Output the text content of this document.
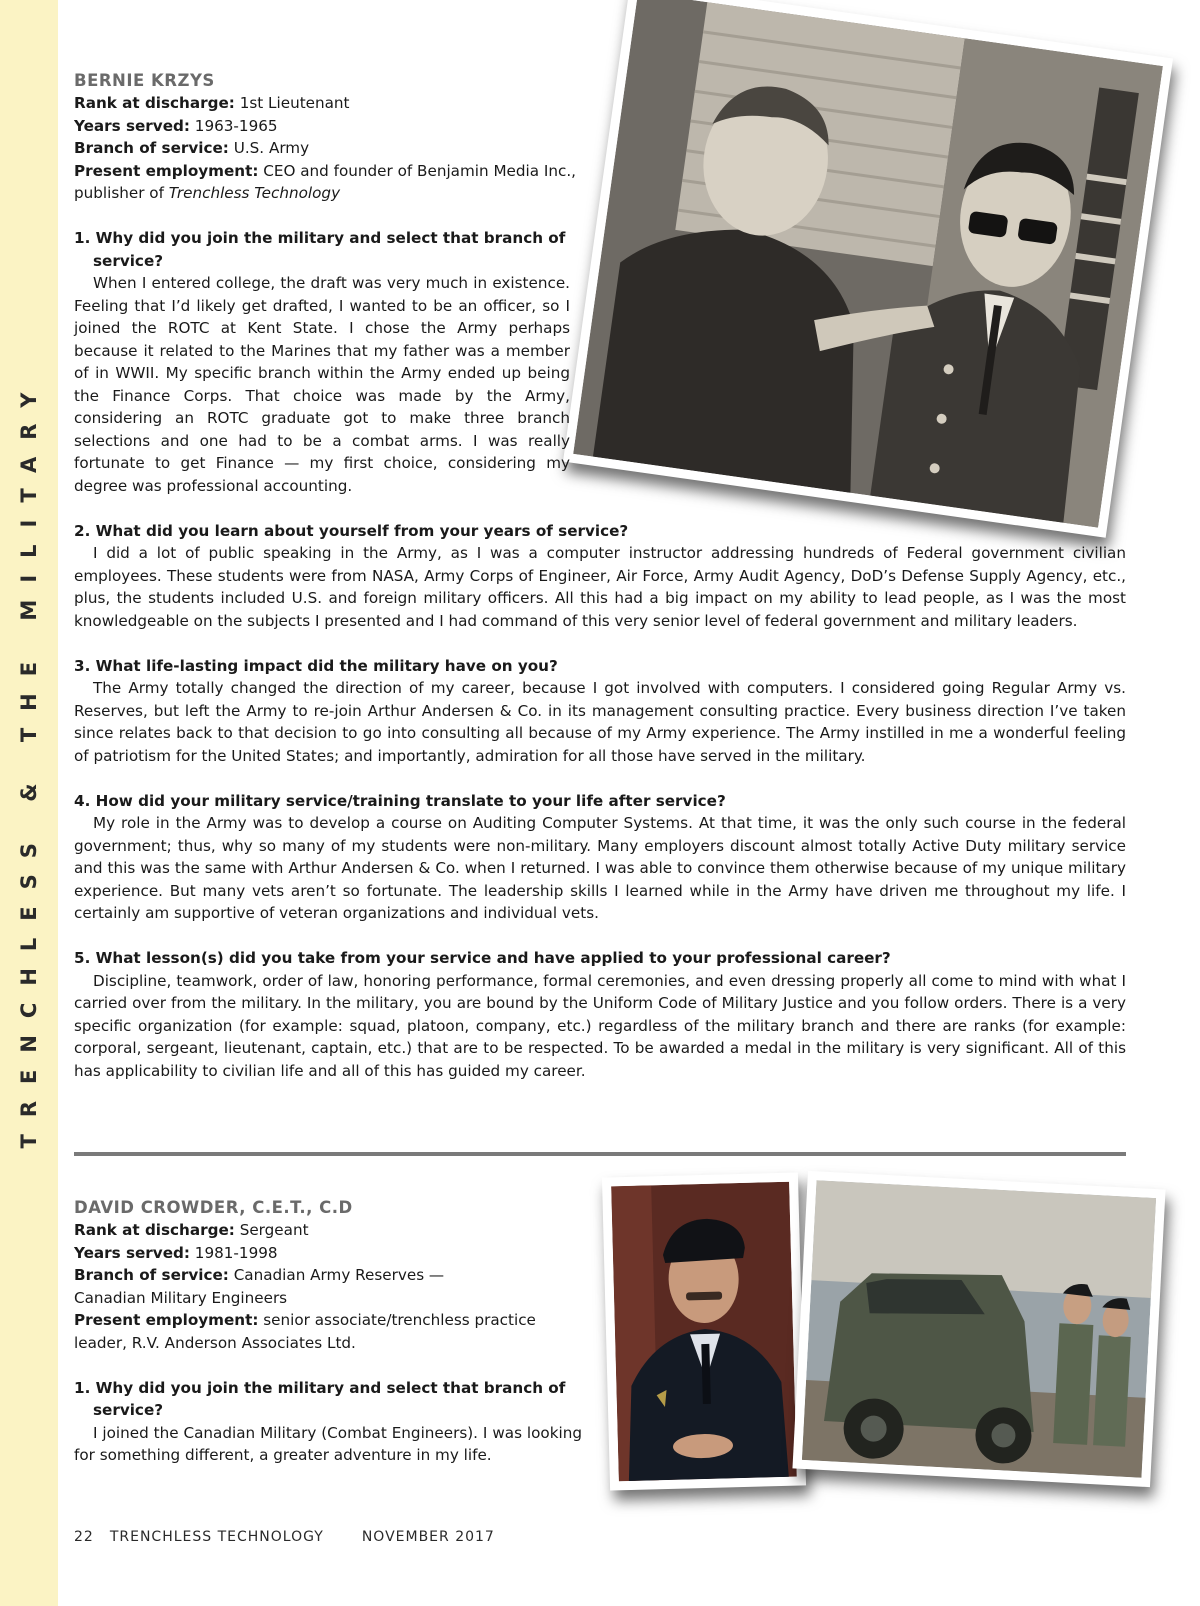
TRENCHLESS & THE MILITARY

BERNIE KRZYS

Rank at discharge: 1st Lieutenant

Years served: 1963-1965

Branch of service: U.S. Army

Present employment: CEO and founder of Benjamin Media Inc., publisher of Trenchless Technology

1. Why did you join the military and select that branch of service?

When I entered college, the draft was very much in existence. Feeling that I’d likely get drafted, I wanted to be an officer, so I joined the ROTC at Kent State. I chose the Army perhaps because it related to the Marines that my father was a member of in WWII. My specific branch within the Army ended up being the Finance Corps. That choice was made by the Army, considering an ROTC graduate got to make three branch selections and one had to be a combat arms. I was really fortunate to get Finance — my first choice, considering my degree was professional accounting.

2. What did you learn about yourself from your years of service?

I did a lot of public speaking in the Army, as I was a computer instructor addressing hundreds of Federal government civilian employees. These students were from NASA, Army Corps of Engineer, Air Force, Army Audit Agency, DoD’s Defense Supply Agency, etc., plus, the students included U.S. and foreign military officers. All this had a big impact on my ability to lead people, as I was the most knowledgeable on the subjects I presented and I had command of this very senior level of federal government and military leaders.

3. What life-lasting impact did the military have on you?

The Army totally changed the direction of my career, because I got involved with computers. I considered going Regular Army vs. Reserves, but left the Army to re-join Arthur Andersen & Co. in its management consulting practice. Every business direction I’ve taken since relates back to that decision to go into consulting all because of my Army experience. The Army instilled in me a wonderful feeling of patriotism for the United States; and importantly, admiration for all those have served in the military.

4. How did your military service/training translate to your life after service?

My role in the Army was to develop a course on Auditing Computer Systems. At that time, it was the only such course in the federal government; thus, why so many of my students were non-military. Many employers discount almost totally Active Duty military service and this was the same with Arthur Andersen & Co. when I returned. I was able to convince them otherwise because of my unique military experience. But many vets aren’t so fortunate. The leadership skills I learned while in the Army have driven me throughout my life. I certainly am supportive of veteran organizations and individual vets.

5. What lesson(s) did you take from your service and have applied to your professional career?

Discipline, teamwork, order of law, honoring performance, formal ceremonies, and even dressing properly all come to mind with what I carried over from the military. In the military, you are bound by the Uniform Code of Military Justice and you follow orders. There is a very specific organization (for example: squad, platoon, company, etc.) regardless of the military branch and there are ranks (for example: corporal, sergeant, lieutenant, captain, etc.) that are to be respected. To be awarded a medal in the military is very significant. All of this has applicability to civilian life and all of this has guided my career.

DAVID CROWDER, C.E.T., C.D

Rank at discharge: Sergeant

Years served: 1981-1998

Branch of service: Canadian Army Reserves — Canadian Military Engineers

Present employment: senior associate/trenchless practice leader, R.V. Anderson Associates Ltd.

1. Why did you join the military and select that branch of service?

I joined the Canadian Military (Combat Engineers). I was looking for something different, a greater adventure in my life.

22 TRENCHLESS TECHNOLOGY	NOVEMBER 2017
